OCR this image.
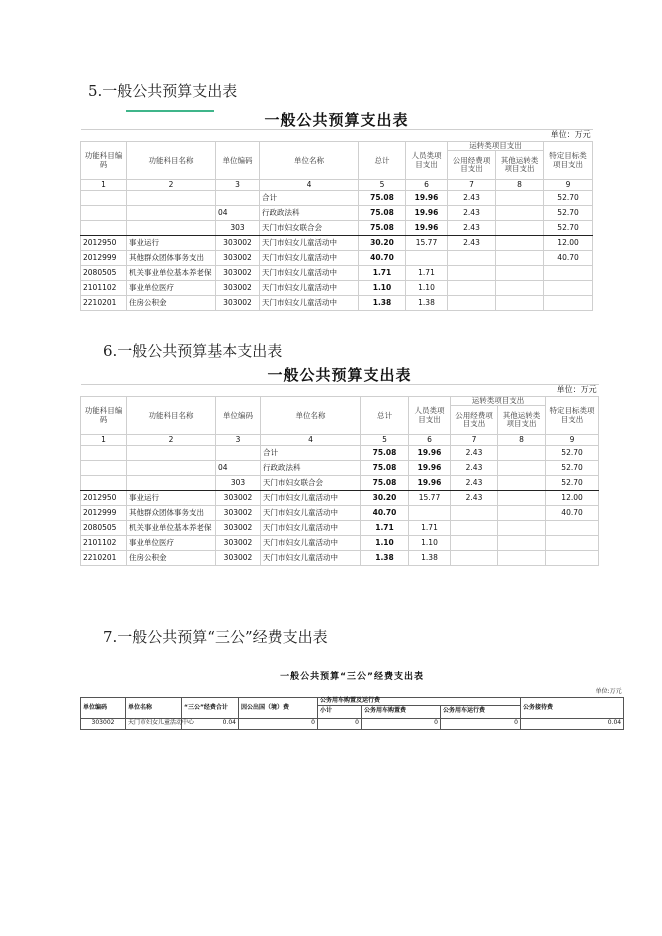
5.一般公共预算支出表
6.一般公共预算基本支出表
7.一般公共预算“三公”经费支出表
一般公共预算支出表								
单位：万元								
功能科目编码	功能科目名称	单位编码	单位名称	总计	人员类项目支出	运转类项目支出		特定目标类项目支出
						公用经费项目支出	其他运转类项目支出	
1	2	3	4	5	6	7	8	9
			合计	75.08	19.96	2.43		52.70
		04	行政政法科	75.08	19.96	2.43		52.70
		303	天门市妇女联合会	75.08	19.96	2.43		52.70
2012950	事业运行	303002	天门市妇女儿童活动中	30.20	15.77	2.43		12.00
2012999	其他群众团体事务支出	303002	天门市妇女儿童活动中	40.70				40.70
2080505	机关事业单位基本养老保	303002	天门市妇女儿童活动中	1.71	1.71			
2101102	事业单位医疗	303002	天门市妇女儿童活动中	1.10	1.10			
2210201	住房公积金	303002	天门市妇女儿童活动中	1.38	1.38			
一般公共预算支出表								
单位：万元								
功能科目编码	功能科目名称	单位编码	单位名称	总计	人员类项目支出	运转类项目支出		特定目标类项目支出
						公用经费项目支出	其他运转类项目支出	
1	2	3	4	5	6	7	8	9
			合计	75.08	19.96	2.43		52.70
		04	行政政法科	75.08	19.96	2.43		52.70
		303	天门市妇女联合会	75.08	19.96	2.43		52.70
2012950	事业运行	303002	天门市妇女儿童活动中	30.20	15.77	2.43		12.00
2012999	其他群众团体事务支出	303002	天门市妇女儿童活动中	40.70				40.70
2080505	机关事业单位基本养老保	303002	天门市妇女儿童活动中	1.71	1.71			
2101102	事业单位医疗	303002	天门市妇女儿童活动中	1.10	1.10			
2210201	住房公积金	303002	天门市妇女儿童活动中	1.38	1.38			
一般公共预算“三公”经费支出表							
单位:万元							
单位编码	单位名称	“三公”经费合计	因公出国（境）费	公务用车购置及运行费			公务接待费
				小计	公务用车购置费	公务用车运行费	
303002	天门市妇女儿童活动中心	0.04	0	0	0	0	0.04
